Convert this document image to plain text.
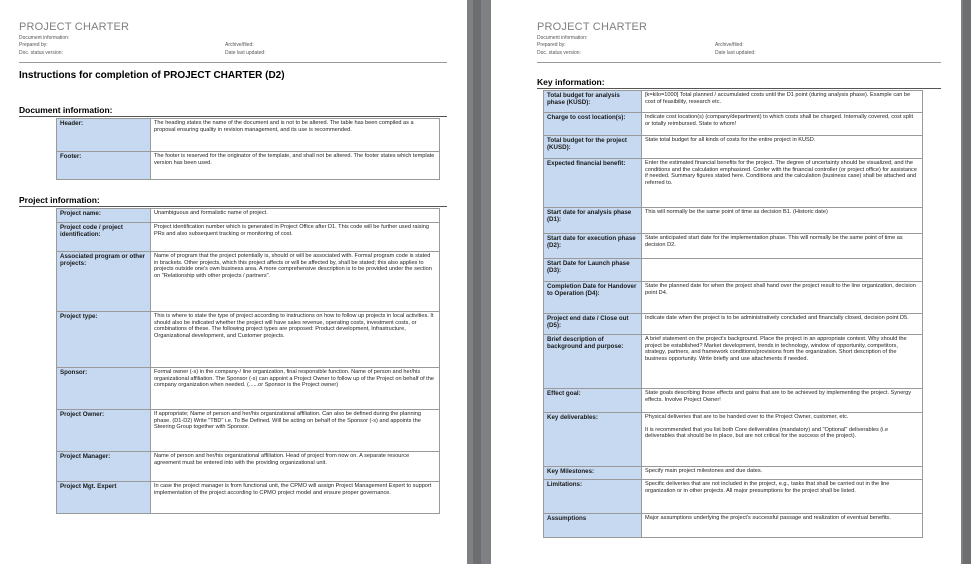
PROJECT CHARTER
Document information:
Prepared by:
Doc. status version:
Archive/filed:
Date last updated:
Instructions for completion of PROJECT CHARTER (D2)
Document information:
Header:	The heading states the name of the document and is not to be altered. The table has been compiled as a proposal ensuring quality in revision management, and its use is recommended.
Footer:	The footer is reserved for the originator of the template, and shall not be altered. The footer states which template version has been used.
Project information:
Project name:	Unambiguous and formalistic name of project.
Project code / project identification:	Project identification number which is generated in Project Office after D1. This code will be further used raising PRs and also subsequent tracking or monitoring of cost.
Associated program or other projects:	Name of program that the project potentially is, should or will be associated with. Formal program code is stated in brackets. Other projects, which this project affects or will be affected by, shall be stated; this also applies to projects outside one's own business area. A more comprehensive description is to be provided under the section on "Relationship with other projects / partners".
Project type:	This is where to state the type of project according to instructions on how to follow up projects in local activities. It should also be indicated whether the project will have sales revenue, operating costs, investment costs, or combinations of these. The following project types are proposed: Product development, Infrastructure, Organizational development, and Customer projects.
Sponsor:	Formal owner (-s) in the company-/ line organization, final responsible function. Name of person and her/his organizational affiliation. The Sponsor (-s) can appoint a Project Owner to follow up of the Project on behalf of the company organization when needed. (......or Sponsor is the Project owner)
Project Owner:	If appropriate; Name of person and her/his organizational affiliation. Can also be defined during the planning phase. (D1-D2) Write "TBD" i.e. To Be Defined. Will be acting on behalf of the Sponsor (-s) and appoints the Steering Group together with Sponsor.
Project Manager:	Name of person and her/his organizational affiliation. Head of project from now on. A separate resource agreement must be entered into with the providing organizational unit.
Project Mgt. Expert	In case the project manager is from functional unit, the CPMO will assign Project Management Expert to support implementation of the project according to CPMO project model and ensure proper governance.
PROJECT CHARTER
Document information:
Prepared by:
Doc. status version:
Archive/filed:
Date last updated:
Key information:
Total budget for analysis phase (KUSD):	[k=kilo=1000] Total planned / accumulated costs until the D1 point (during analysis phase). Example can be cost of feasibility, research etc.
Charge to cost location(s):	Indicate cost location(s) (company/department) to which costs shall be charged. Internally covered, cost split or totally reimbursed. State to whom!
Total budget for the project (KUSD):	State total budget for all kinds of costs for the entire project in KUSD.
Expected financial benefit:	Enter the estimated financial benefits for the project. The degree of uncertainty should be visualized, and the conditions and the calculation emphasized. Confer with the financial controller (or project office) for assistance if needed. Summary figures stated here. Conditions and the calculation (business case) shall be attached and referred to.
Start date for analysis phase (D1):	This will normally be the same point of time as decision B1. (Historic date)
Start date for execution phase (D2):	State anticipated start date for the implementation phase. This will normally be the same point of time as decision D2.
Start Date for Launch phase (D3):	
Completion Date for Handover to Operation (D4):	State the planned date for when the project shall hand over the project result to the line organization, decision point D4.
Project end date / Close out (D5):	Indicate date when the project is to be administratively concluded and financially closed, decision point D5.
Brief description of background and purpose:	A brief statement on the project's background. Place the project in an appropriate context. Why should the project be established? Market development, trends in technology, window of opportunity, competitors, strategy, partners, and framework conditions/provisions from the organization. Short description of the business opportunity. Write briefly and use attachments if needed.
Effect goal:	State goals describing those effects and gains that are to be achieved by implementing the project. Synergy effects. Involve Project Owner!
Key deliverables:	Physical deliveries that are to be handed over to the Project Owner, customer, etc.
It is recommended that you list both Core deliverables (mandatory) and "Optional" deliverables (i.e deliverables that should be in place, but are not critical for the success of the project).

Key Milestones:	Specify main project milestones and due dates.
Limitations:	Specific deliveries that are not included in the project, e.g., tasks that shall be carried out in the line organization or in other projects. All major presumptions for the project shall be listed.
Assumptions	Major assumptions underlying the project's successful passage and realization of eventual benefits.
